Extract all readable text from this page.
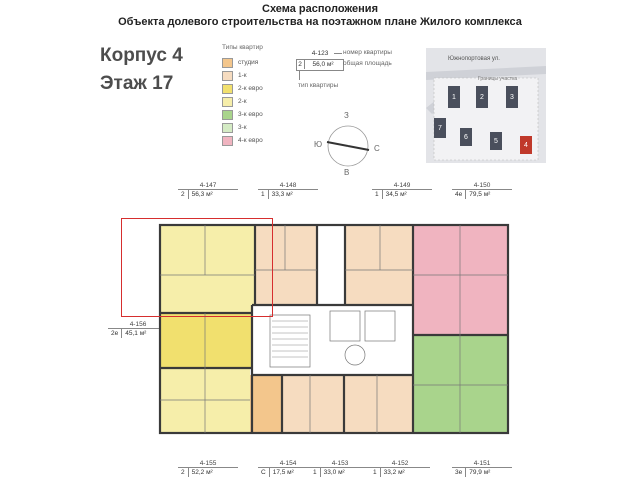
Схема расположения
Объекта долевого строительства на поэтажном плане Жилого комплекса
Корпус 4
Этаж 17
Типы квартир
студия
1-к
2-к евро
2-к
3-к евро
3-к
4-к евро
4-123	номер квартиры
2	56,0 м²	общая площадь
тип квартиры
З
В
Ю	С
Южнопортовая ул.
Границы участка
1	2	3
7
6
5
4
4-147
2	56,3 м²
4-148
1	33,3 м²
4-149
1	34,5 м²
4-150
4е	79,5 м²
4-156
2е	45,1 м²
4-155
2	52,2 м²
4-154
С	17,5 м²
4-153
1	33,0 м²
4-152
1	33,2 м²
4-151
3е	79,9 м²
